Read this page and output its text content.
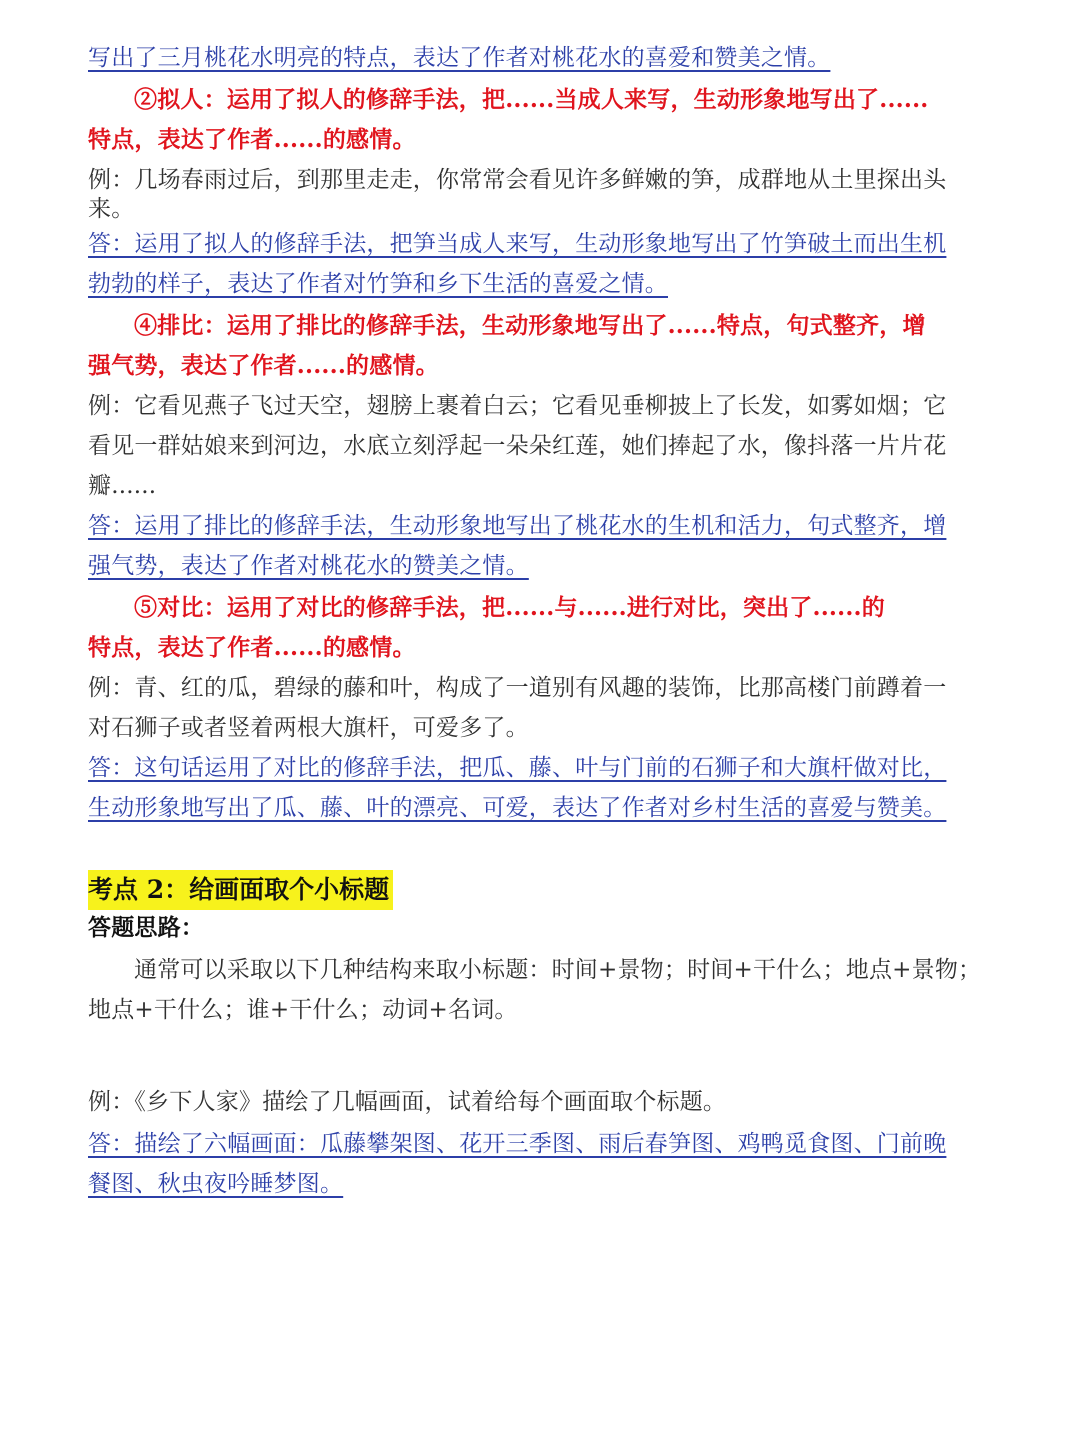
写出了三月桃花水明亮的特点，表达了作者对桃花水的喜爱和赞美之情。
②拟人：运用了拟人的修辞手法，把......当成人来写，生动形象地写出了......
特点，表达了作者......的感情。
例：几场春雨过后，到那里走走，你常常会看见许多鲜嫩的笋，成群地从土里探出头
来。
答：运用了拟人的修辞手法，把笋当成人来写，生动形象地写出了竹笋破土而出生机
勃勃的样子，表达了作者对竹笋和乡下生活的喜爱之情。
④排比：运用了排比的修辞手法，生动形象地写出了......特点，句式整齐，增
强气势，表达了作者......的感情。
例：它看见燕子飞过天空，翅膀上裹着白云；它看见垂柳披上了长发，如雾如烟；它
看见一群姑娘来到河边，水底立刻浮起一朵朵红莲，她们捧起了水，像抖落一片片花
瓣......
答：运用了排比的修辞手法，生动形象地写出了桃花水的生机和活力，句式整齐，增
强气势，表达了作者对桃花水的赞美之情。
⑤对比：运用了对比的修辞手法，把......与......进行对比，突出了......的
特点，表达了作者......的感情。
例：青、红的瓜，碧绿的藤和叶，构成了一道别有风趣的装饰，比那高楼门前蹲着一
对石狮子或者竖着两根大旗杆，可爱多了。
答：这句话运用了对比的修辞手法，把瓜、藤、叶与门前的石狮子和大旗杆做对比，
生动形象地写出了瓜、藤、叶的漂亮、可爱，表达了作者对乡村生活的喜爱与赞美。
考点 2：给画面取个小标题
答题思路：
通常可以采取以下几种结构来取小标题：时间+景物；时间+干什么；地点+景物；
地点+干什么；谁+干什么；动词+名词。
例：《乡下人家》描绘了几幅画面，试着给每个画面取个标题。
答：描绘了六幅画面：瓜藤攀架图、花开三季图、雨后春笋图、鸡鸭觅食图、门前晚
餐图、秋虫夜吟睡梦图。
